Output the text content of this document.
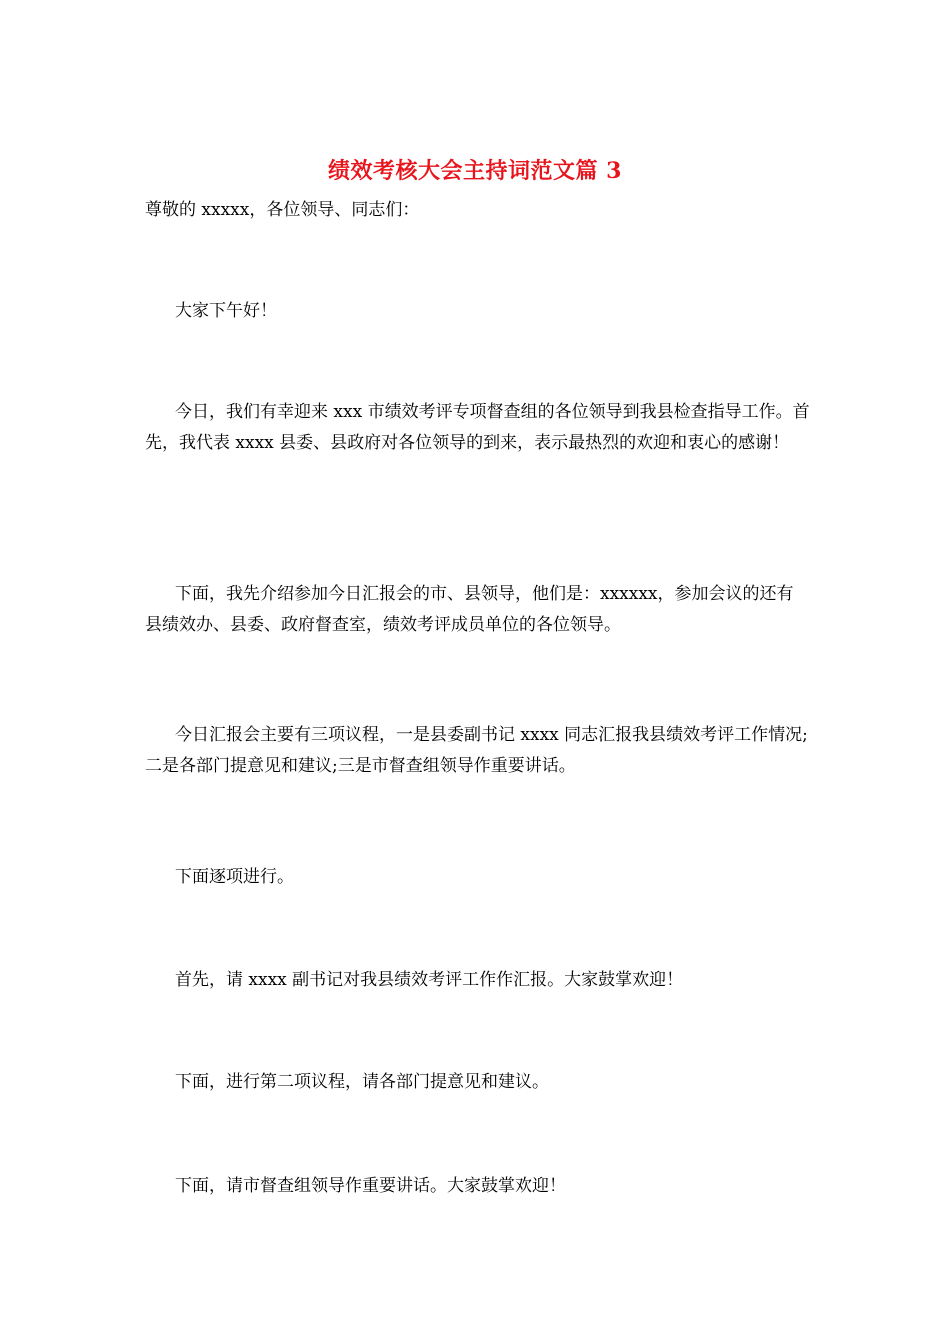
绩效考核大会主持词范文篇 3

尊敬的 xxxxx，各位领导、同志们：

大家下午好！

今日，我们有幸迎来 xxx 市绩效考评专项督查组的各位领导到我县检查指导工作。首先，我代表 xxxx 县委、县政府对各位领导的到来，表示最热烈的欢迎和衷心的感谢！

下面，我先介绍参加今日汇报会的市、县领导，他们是：xxxxxx，参加会议的还有县绩效办、县委、政府督查室，绩效考评成员单位的各位领导。

今日汇报会主要有三项议程，一是县委副书记 xxxx 同志汇报我县绩效考评工作情况;二是各部门提意见和建议;三是市督查组领导作重要讲话。

下面逐项进行。

首先，请 xxxx 副书记对我县绩效考评工作作汇报。大家鼓掌欢迎！

下面，进行第二项议程，请各部门提意见和建议。

下面，请市督查组领导作重要讲话。大家鼓掌欢迎！
